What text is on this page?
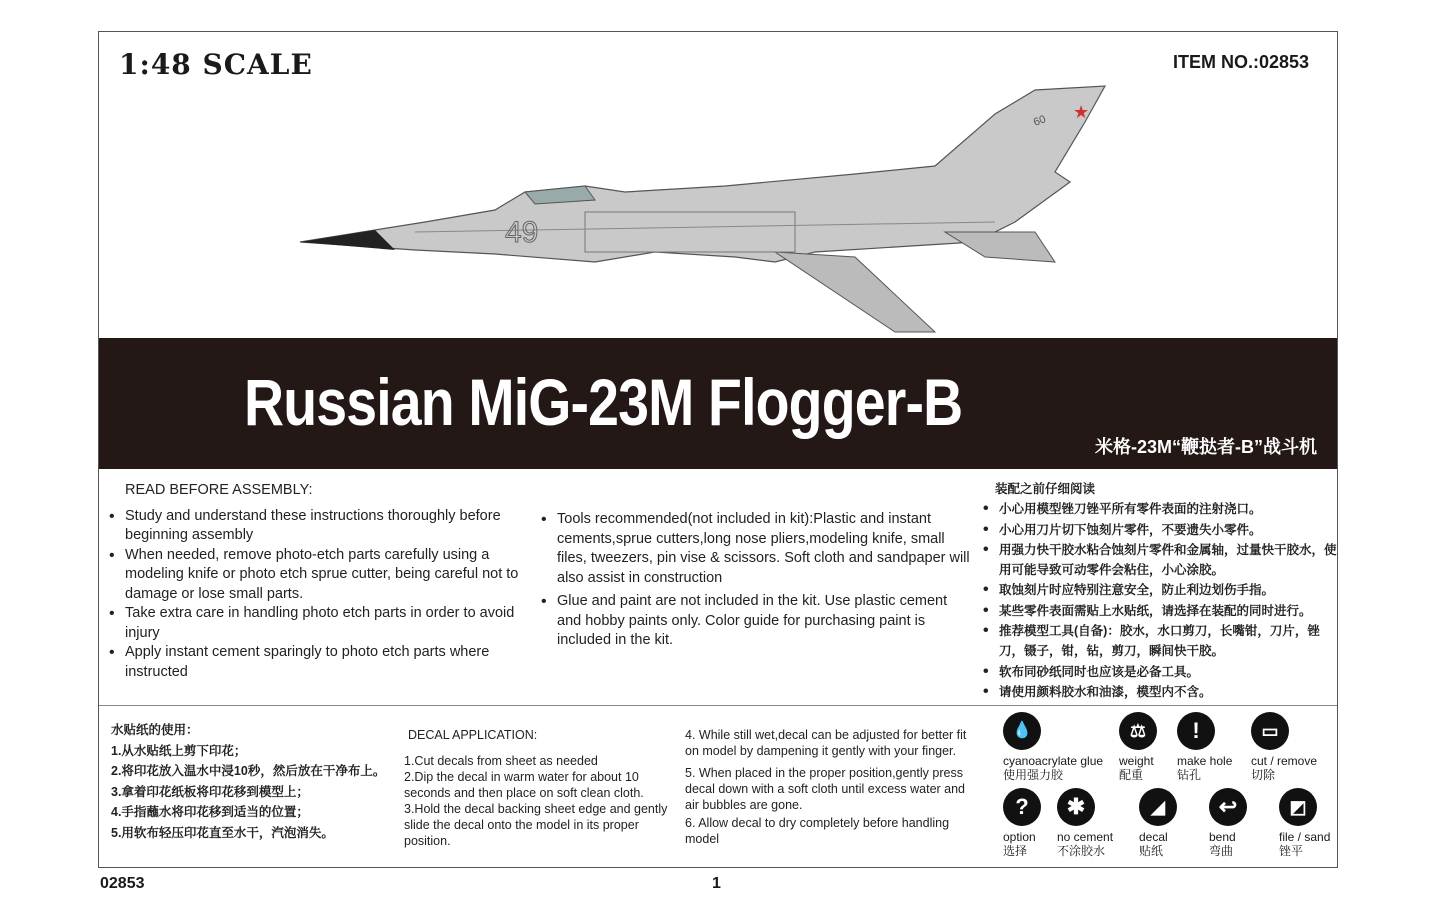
1:48 SCALE	ITEM NO.:02853
49
60 ★
Russian MiG-23M Flogger-B
米格-23M“鞭挞者-B”战斗机
READ BEFORE ASSEMBLY:
• Study and understand these instructions thoroughly before beginning assembly
• When needed, remove photo-etch parts carefully using a modeling knife or photo etch sprue cutter, being careful not to damage or lose small parts.
• Take extra care in handling photo etch parts in order to avoid injury
• Apply instant cement sparingly to photo etch parts where instructed
• Tools recommended(not included in kit):Plastic and instant cements,sprue cutters,long nose pliers,modeling knife, small files, tweezers, pin vise & scissors. Soft cloth and sandpaper will also assist in construction
• Glue and paint are not included in the kit. Use plastic cement and hobby paints only. Color guide for purchasing paint is included in the kit.
装配之前仔细阅读
• 小心用模型锉刀锉平所有零件表面的注射浇口。
• 小心用刀片切下蚀刻片零件，不要遗失小零件。
• 用强力快干胶水粘合蚀刻片零件和金属轴，过量快干胶水，使用可能导致可动零件会粘住，小心涂胶。
• 取蚀刻片时应特别注意安全，防止利边划伤手指。
• 某些零件表面需贴上水贴纸，请选择在装配的同时进行。
• 推荐模型工具(自备)：胶水，水口剪刀，长嘴钳，刀片，锉刀，镊子，钳，钻，剪刀，瞬间快干胶。
• 软布同砂纸同时也应该是必备工具。
• 请使用颜料胶水和油漆，模型内不含。
水贴纸的使用：
1.从水贴纸上剪下印花；
2.将印花放入温水中浸10秒，然后放在干净布上。
3.拿着印花纸板将印花移到模型上；
4.手指蘸水将印花移到适当的位置；
5.用软布轻压印花直至水干，汽泡消失。
DECAL APPLICATION:
1.Cut decals from sheet as needed
2.Dip the decal in warm water for about 10 seconds and then place on soft clean cloth.
3.Hold the decal backing sheet edge and gently slide the decal onto the model in its proper position.
4. While still wet,decal can be adjusted for better fit on model by dampening it gently with your finger.
5. When placed in the proper position,gently press decal down with a soft cloth until excess water and air bubbles are gone.
6. Allow decal to dry completely before handling model
💧
cyanoacrylate glue
使用强力胶
⚖
weight
配重
!
make hole
钻孔
▭
cut / remove
切除
?
option
选择
✱
no cement
不涂胶水
◢
decal
贴纸
↩
bend
弯曲
◩
file / sand
锉平
02853	1
